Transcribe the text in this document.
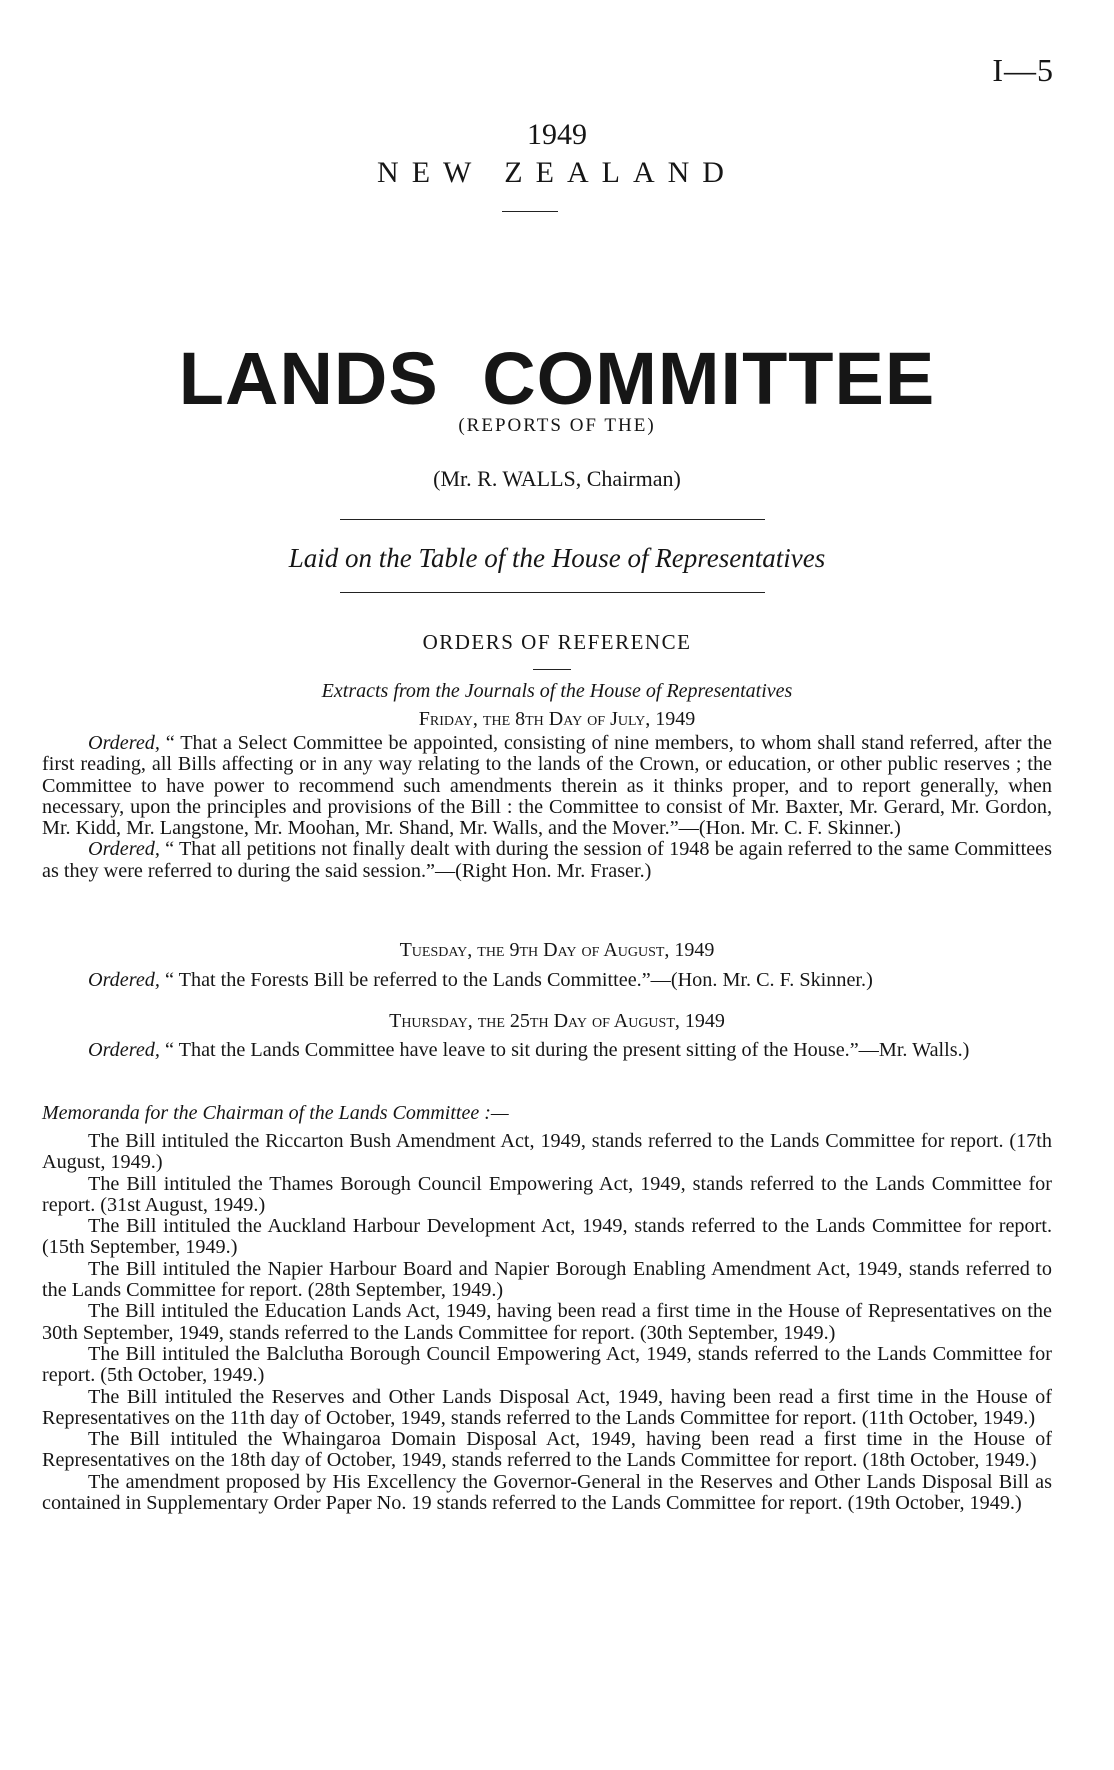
I—5
1949
NEW ZEALAND
LANDS COMMITTEE
(REPORTS OF THE)
(Mr. R. WALLS, Chairman)
Laid on the Table of the House of Representatives
ORDERS OF REFERENCE
Extracts from the Journals of the House of Representatives
Friday, the 8th Day of July, 1949

Ordered, “ That a Select Committee be appointed, consisting of nine members, to whom shall stand referred, after the first reading, all Bills affecting or in any way relating to the lands of the Crown, or education, or other public reserves ; the Committee to have power to recommend such amendments therein as it thinks proper, and to report generally, when necessary, upon the principles and provisions of the Bill : the Committee to consist of Mr. Baxter, Mr. Gerard, Mr. Gordon, Mr. Kidd, Mr. Langstone, Mr. Moohan, Mr. Shand, Mr. Walls, and the Mover.”—(Hon. Mr. C. F. Skinner.)

Ordered, “ That all petitions not finally dealt with during the session of 1948 be again referred to the same Committees as they were referred to during the said session.”—(Right Hon. Mr. Fraser.)

Tuesday, the 9th Day of August, 1949

Ordered, “ That the Forests Bill be referred to the Lands Committee.”—(Hon. Mr. C. F. Skinner.)

Thursday, the 25th Day of August, 1949

Ordered, “ That the Lands Committee have leave to sit during the present sitting of the House.”—Mr. Walls.)

Memoranda for the Chairman of the Lands Committee :—

The Bill intituled the Riccarton Bush Amendment Act, 1949, stands referred to the Lands Committee for report. (17th August, 1949.)

The Bill intituled the Thames Borough Council Empowering Act, 1949, stands referred to the Lands Committee for report. (31st August, 1949.)

The Bill intituled the Auckland Harbour Development Act, 1949, stands referred to the Lands Committee for report. (15th September, 1949.)

The Bill intituled the Napier Harbour Board and Napier Borough Enabling Amendment Act, 1949, stands referred to the Lands Committee for report. (28th September, 1949.)

The Bill intituled the Education Lands Act, 1949, having been read a first time in the House of Representatives on the 30th September, 1949, stands referred to the Lands Committee for report. (30th September, 1949.)

The Bill intituled the Balclutha Borough Council Empowering Act, 1949, stands referred to the Lands Committee for report. (5th October, 1949.)

The Bill intituled the Reserves and Other Lands Disposal Act, 1949, having been read a first time in the House of Representatives on the 11th day of October, 1949, stands referred to the Lands Committee for report. (11th October, 1949.)

The Bill intituled the Whaingaroa Domain Disposal Act, 1949, having been read a first time in the House of Representatives on the 18th day of October, 1949, stands referred to the Lands Committee for report. (18th October, 1949.)

The amendment proposed by His Excellency the Governor-General in the Reserves and Other Lands Disposal Bill as contained in Supplementary Order Paper No. 19 stands referred to the Lands Committee for report. (19th October, 1949.)
